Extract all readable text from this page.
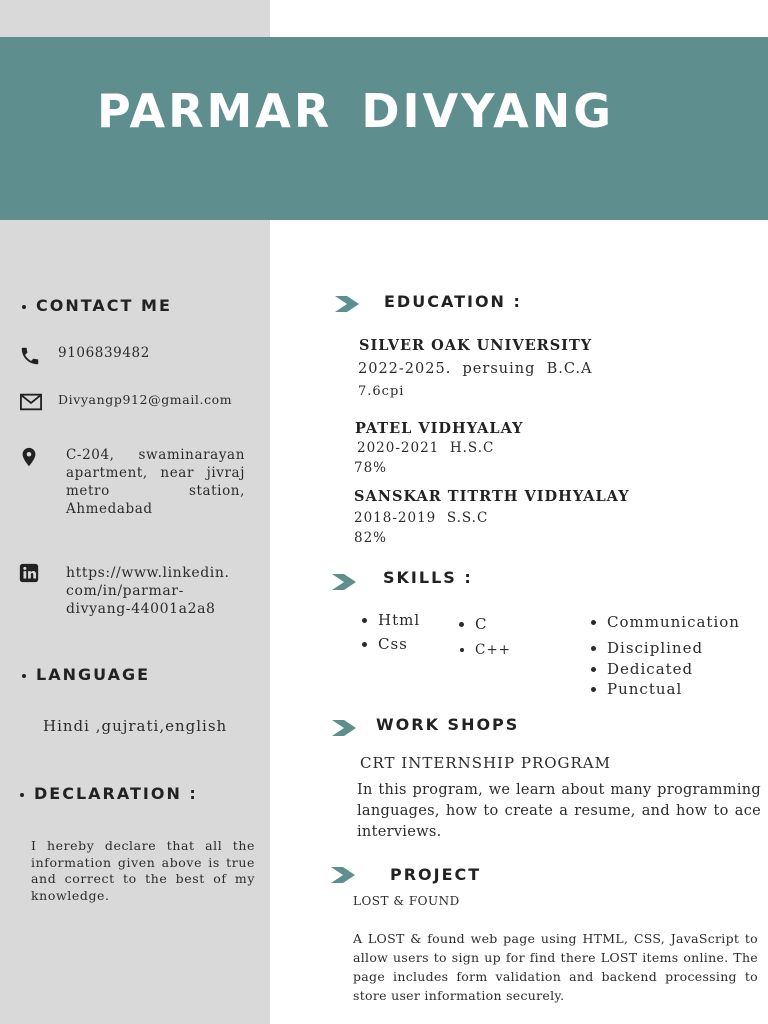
PARMAR DIVYANG
CONTACT ME
9106839482
Divyangp912@gmail.com
C-204, swaminarayan apartment, near jivraj metro station, Ahmedabad
https://www.linkedin. com/in/parmar- divyang-44001a2a8
LANGUAGE
Hindi ,gujrati,english
DECLARATION :
I hereby declare that all the information given above is true and correct to the best of my knowledge.
EDUCATION :
SILVER OAK UNIVERSITY
2022-2025.  persuing  B.C.A
7.6cpi
PATEL VIDHYALAY
2020-2021  H.S.C
78%
SANSKAR TITRTH VIDHYALAY
2018-2019  S.S.C
82%
SKILLS :
• Html
• Css
• C
• C++
• Communication
• Disciplined
• Dedicated
• Punctual
WORK SHOPS
CRT INTERNSHIP PROGRAM
In this program, we learn about many programming languages, how to create a resume, and how to ace interviews.
PROJECT
LOST & FOUND
A LOST & found web page using HTML, CSS, JavaScript to allow users to sign up for find there LOST items online. The page includes form validation and backend processing to store user information securely.
